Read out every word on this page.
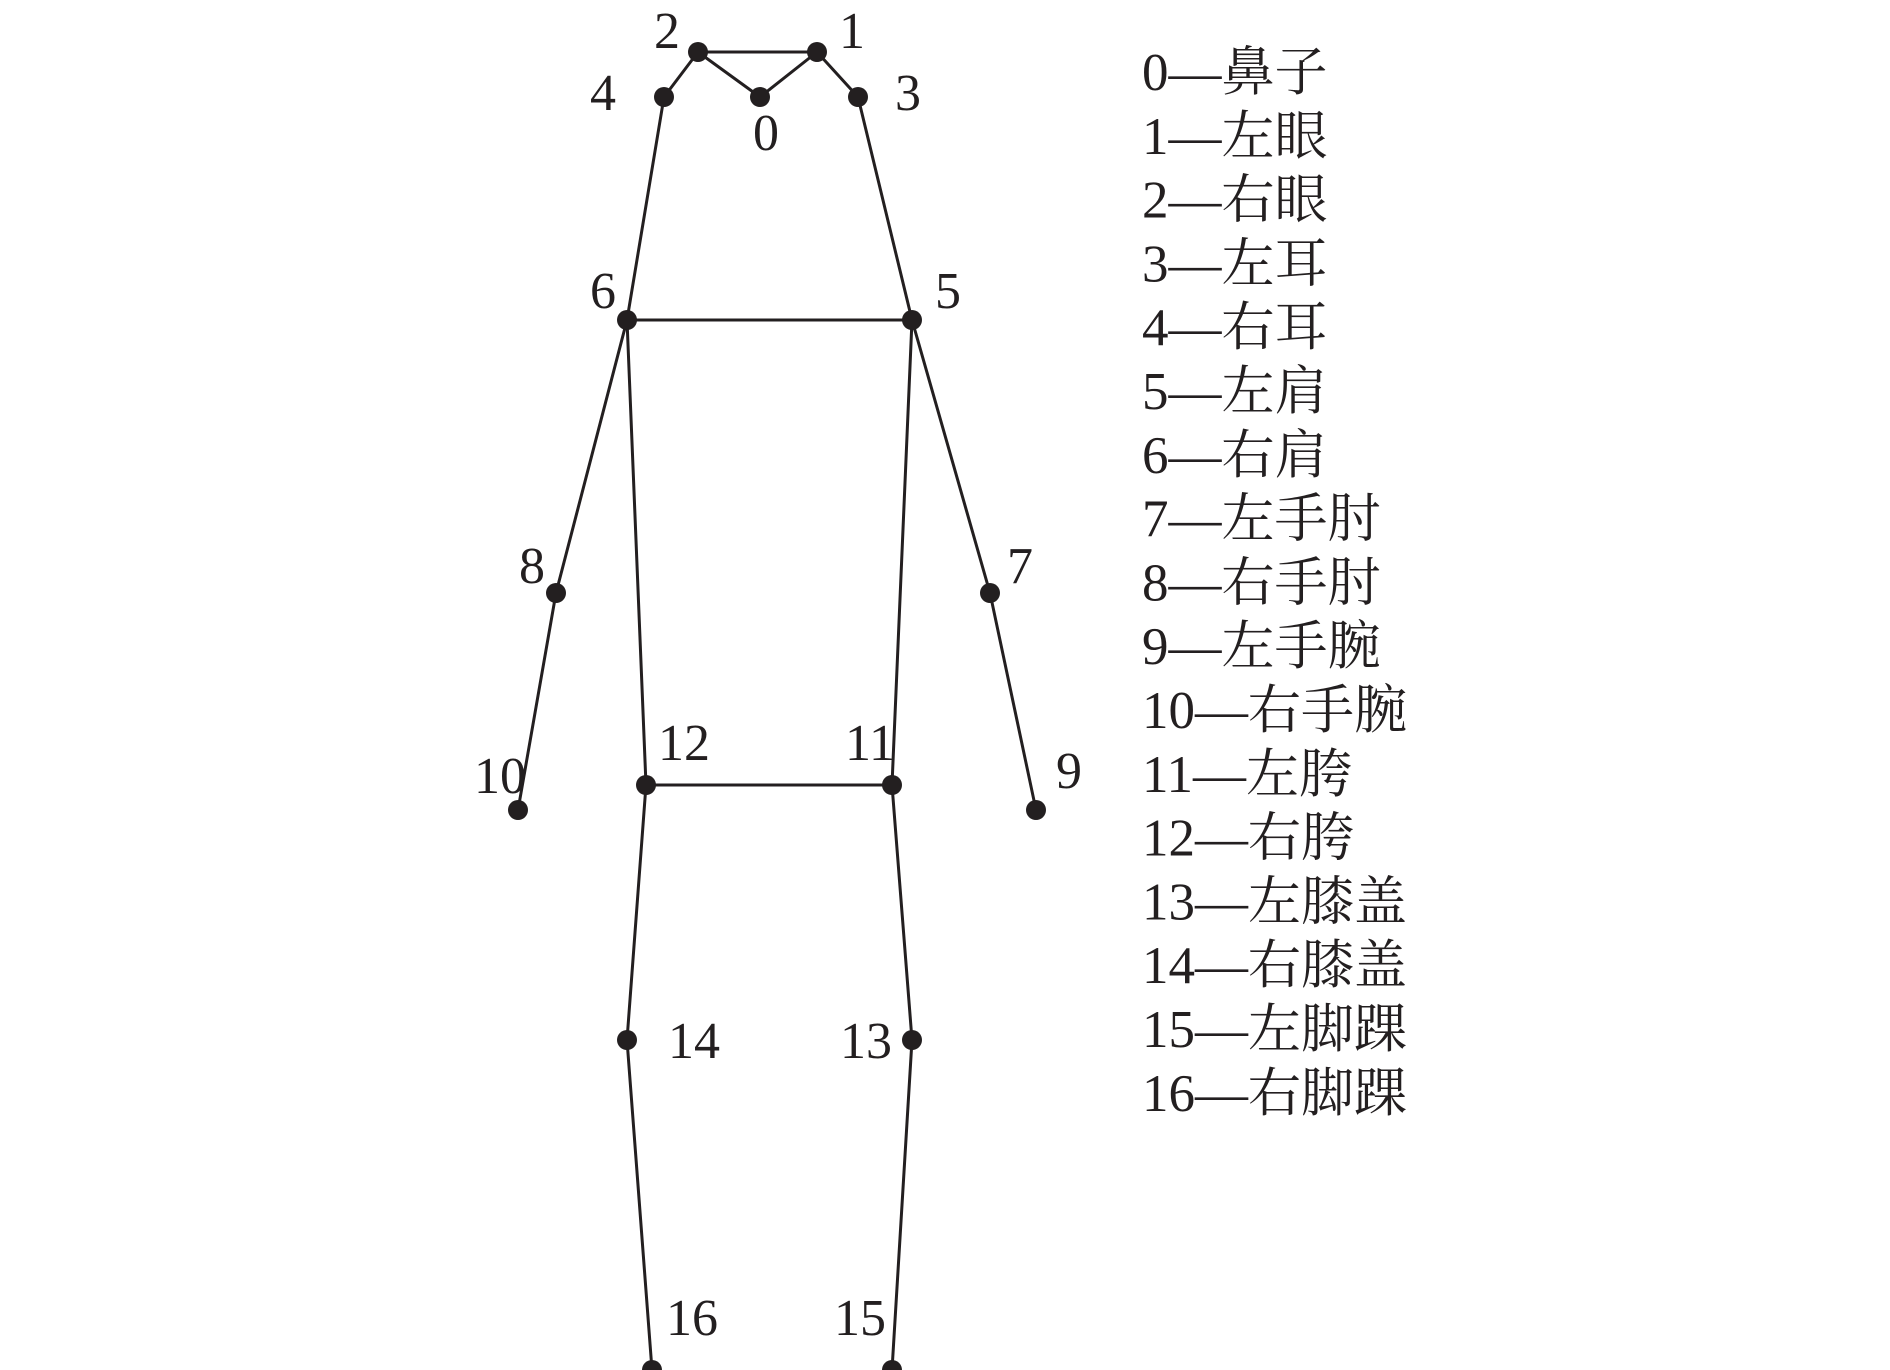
0
1
2
3
4
5
6
7
8
9
10
11
12
13
14
15
16
0—鼻子
1—左眼
2—右眼
3—左耳
4—右耳
5—左肩
6—右肩
7—左手肘
8—右手肘
9—左手腕
10—右手腕
11—左胯
12—右胯
13—左膝盖
14—右膝盖
15—左脚踝
16—右脚踝
